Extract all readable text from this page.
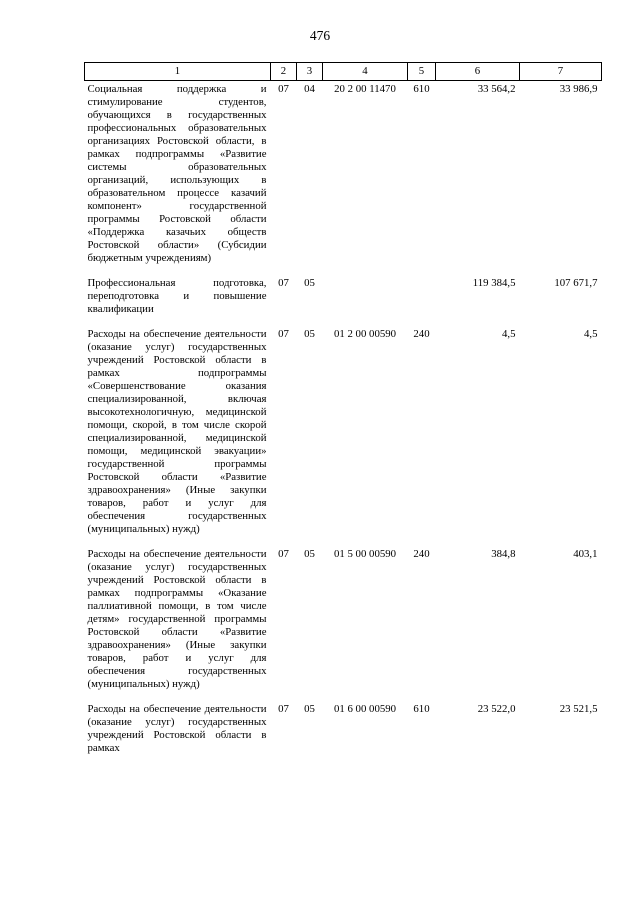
476
1	2	3	4	5	6	7
Социальная поддержка и стимулирование студентов, обучающихся в государственных профессиональных образовательных организациях Ростовской области, в рамках подпрограммы «Развитие системы образовательных организаций, использующих в образовательном процессе казачий компонент» государственной программы Ростовской области «Поддержка казачьих обществ Ростовской области» (Субсидии бюджетным учреждениям)	07	04	20 2 00 11470	610	33 564,2	33 986,9

Профессиональная подготовка, переподготовка и повышение квалификации	07	05			119 384,5	107 671,7

Расходы на обеспечение деятельности (оказание услуг) государственных учреждений Ростовской области в рамках подпрограммы «Совершенствование оказания специализированной, включая высокотехнологичную, медицинской помощи, скорой, в том числе скорой специализированной, медицинской помощи, медицинской эвакуации» государственной программы Ростовской области «Развитие здравоохранения» (Иные закупки товаров, работ и услуг для обеспечения государственных (муниципальных) нужд)	07	05	01 2 00 00590	240	4,5	4,5

Расходы на обеспечение деятельности (оказание услуг) государственных учреждений Ростовской области в рамках подпрограммы «Оказание паллиативной помощи, в том числе детям» государственной программы Ростовской области «Развитие здравоохранения» (Иные закупки товаров, работ и услуг для обеспечения государственных (муниципальных) нужд)	07	05	01 5 00 00590	240	384,8	403,1

Расходы на обеспечение деятельности (оказание услуг) государственных учреждений Ростовской области в рамках	07	05	01 6 00 00590	610	23 522,0	23 521,5
